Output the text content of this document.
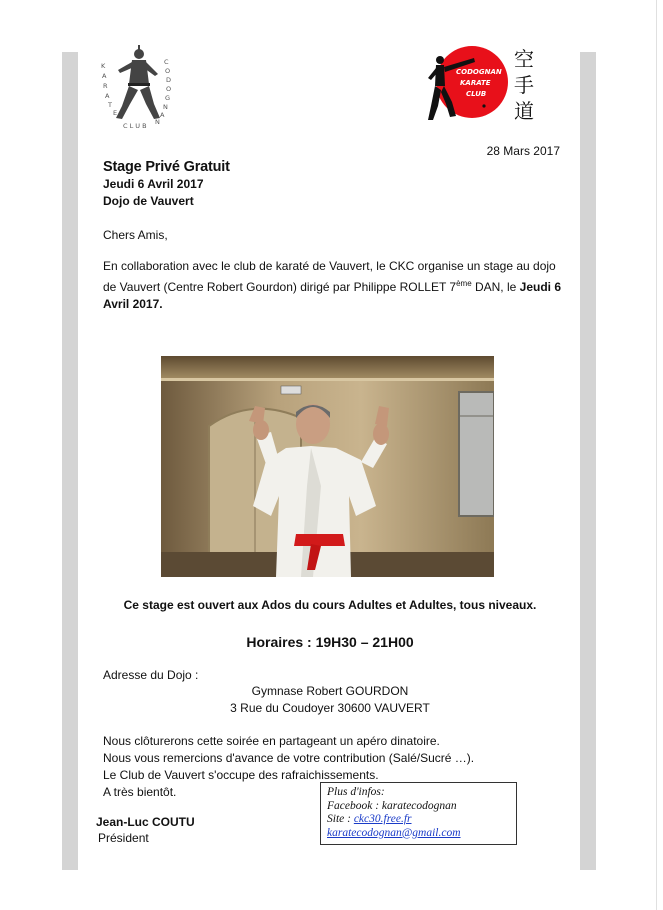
K
A
R
A
T
E
C L U B
C
O
D
O
G
N
A
N
CODOGNAN
KARATE
CLUB
空
手
道
28 Mars 2017
Stage Privé Gratuit
Jeudi 6 Avril 2017
Dojo de Vauvert
Chers Amis,
En collaboration avec le club de karaté de Vauvert, le CKC organise un stage au dojo de Vauvert (Centre Robert Gourdon) dirigé par Philippe ROLLET 7ème DAN, le Jeudi 6 Avril 2017.
Ce stage est ouvert aux Ados du cours Adultes et Adultes, tous niveaux.
Horaires : 19H30 – 21H00
Adresse du Dojo :
Gymnase Robert GOURDON
3 Rue du Coudoyer 30600 VAUVERT
Nous clôturerons cette soirée en partageant un apéro dinatoire.
Nous vous remercions d'avance de votre contribution (Salé/Sucré …).
Le Club de Vauvert s'occupe des rafraichissements.
A très bientôt.
Jean-Luc COUTU
Président
Plus d'infos:
Facebook : karatecodognan
Site : ckc30.free.fr
karatecodognan@gmail.com
